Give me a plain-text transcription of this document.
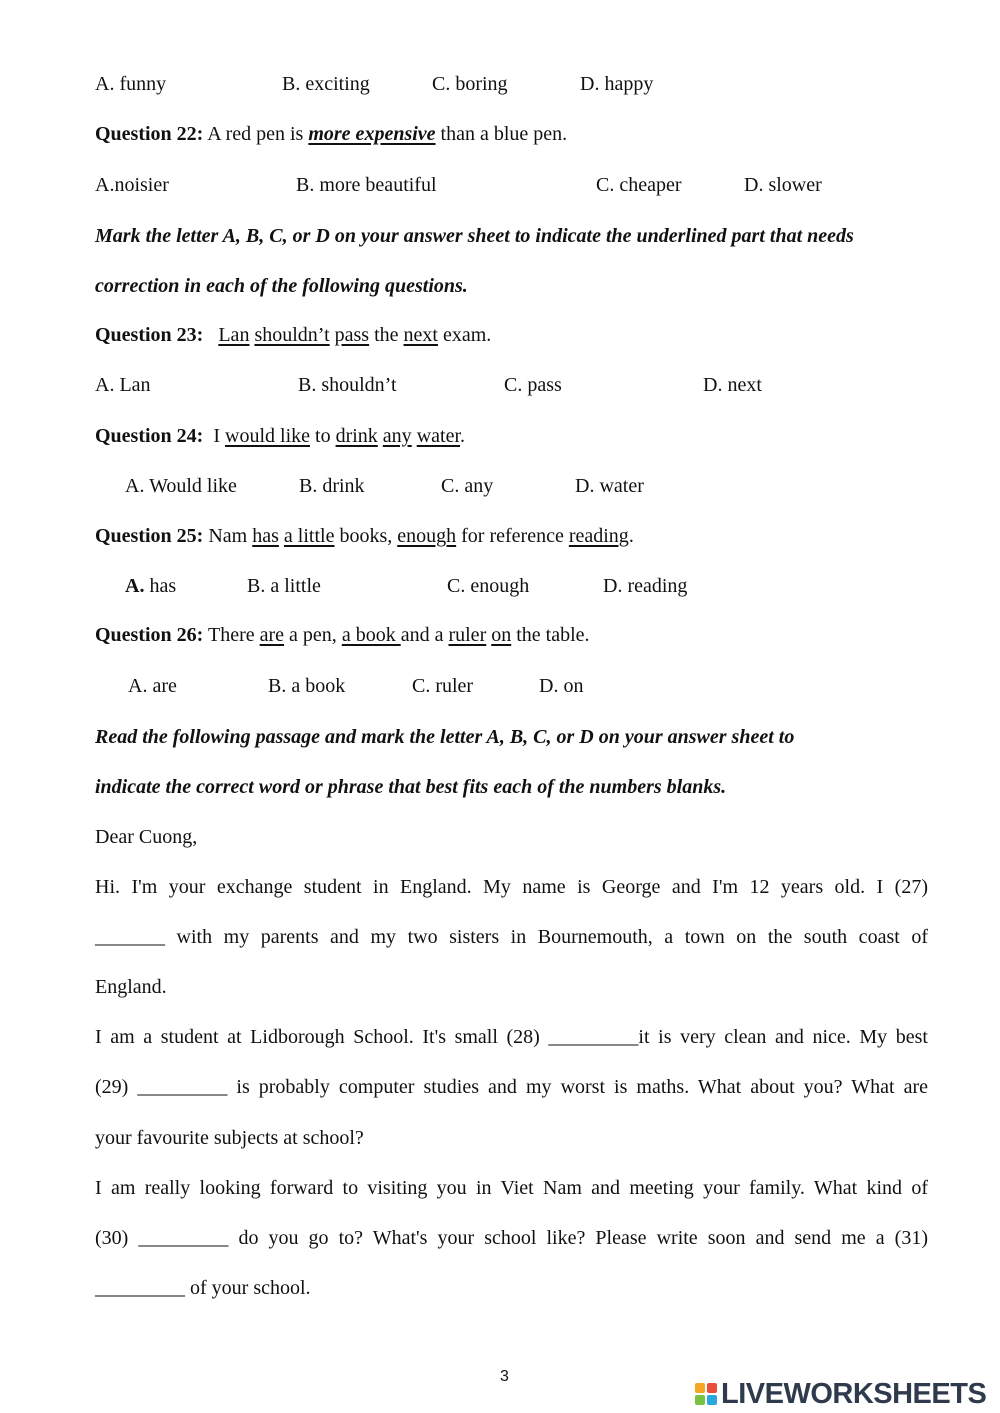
A. funny	B. exciting	C. boring	D. happy
Question 22: A red pen is more expensive than a blue pen.
A.noisier	B. more beautiful	C. cheaper	D. slower
Mark the letter A, B, C, or D on your answer sheet to indicate the underlined part that needs
correction in each of the following questions.
Question 23: Lan shouldn’t pass the next exam.
A. Lan	B. shouldn’t	C. pass	D. next
Question 24: I would like to drink any water.
A. Would like	B. drink	C. any	D. water
Question 25: Nam has a little books, enough for reference reading.
A. has	B. a little	C. enough	D. reading
Question 26: There are a pen, a book and a ruler on the table.
A. are	B. a book	C. ruler	D. on
Read the following passage and mark the letter A, B, C, or D on your answer sheet to
indicate the correct word or phrase that best fits each of the numbers blanks.
Dear Cuong,
Hi. I'm your exchange student in England. My name is George and I'm 12 years old. I (27)
_______ with my parents and my two sisters in Bournemouth, a town on the south coast of
England.
I am a student at Lidborough School. It's small (28) _________it is very clean and nice. My best
(29) _________ is probably computer studies and my worst is maths. What about you? What are
your favourite subjects at school?
I am really looking forward to visiting you in Viet Nam and meeting your family. What kind of
(30) _________ do you go to? What's your school like? Please write soon and send me a (31)
_________ of your school.
3
LIVEWORKSHEETS
